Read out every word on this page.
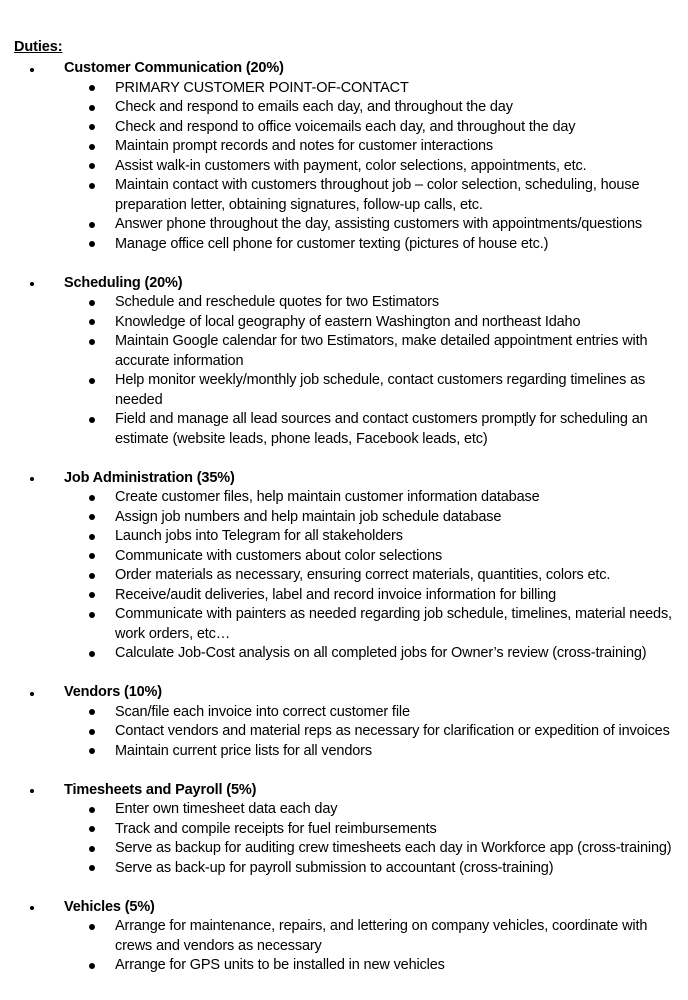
Duties:
Customer Communication (20%)
PRIMARY CUSTOMER POINT-OF-CONTACT
Check and respond to emails each day, and throughout the day
Check and respond to office voicemails each day, and throughout the day
Maintain prompt records and notes for customer interactions
Assist walk-in customers with payment, color selections, appointments, etc.
Maintain contact with customers throughout job – color selection, scheduling, house preparation letter, obtaining signatures, follow-up calls, etc.
Answer phone throughout the day, assisting customers with appointments/questions
Manage office cell phone for customer texting (pictures of house etc.)
Scheduling (20%)
Schedule and reschedule quotes for two Estimators
Knowledge of local geography of eastern Washington and northeast Idaho
Maintain Google calendar for two Estimators, make detailed appointment entries with accurate information
Help monitor weekly/monthly job schedule, contact customers regarding timelines as needed
Field and manage all lead sources and contact customers promptly for scheduling an estimate (website leads, phone leads, Facebook leads, etc)
Job Administration (35%)
Create customer files, help maintain customer information database
Assign job numbers and help maintain job schedule database
Launch jobs into Telegram for all stakeholders
Communicate with customers about color selections
Order materials as necessary, ensuring correct materials, quantities, colors etc.
Receive/audit deliveries, label and record invoice information for billing
Communicate with painters as needed regarding job schedule, timelines, material needs, work orders, etc…
Calculate Job-Cost analysis on all completed jobs for Owner’s review (cross-training)
Vendors (10%)
Scan/file each invoice into correct customer file
Contact vendors and material reps as necessary for clarification or expedition of invoices
Maintain current price lists for all vendors
Timesheets and Payroll (5%)
Enter own timesheet data each day
Track and compile receipts for fuel reimbursements
Serve as backup for auditing crew timesheets each day in Workforce app (cross-training)
Serve as back-up for payroll submission to accountant (cross-training)
Vehicles (5%)
Arrange for maintenance, repairs, and lettering on company vehicles, coordinate with crews and vendors as necessary
Arrange for GPS units to be installed in new vehicles
